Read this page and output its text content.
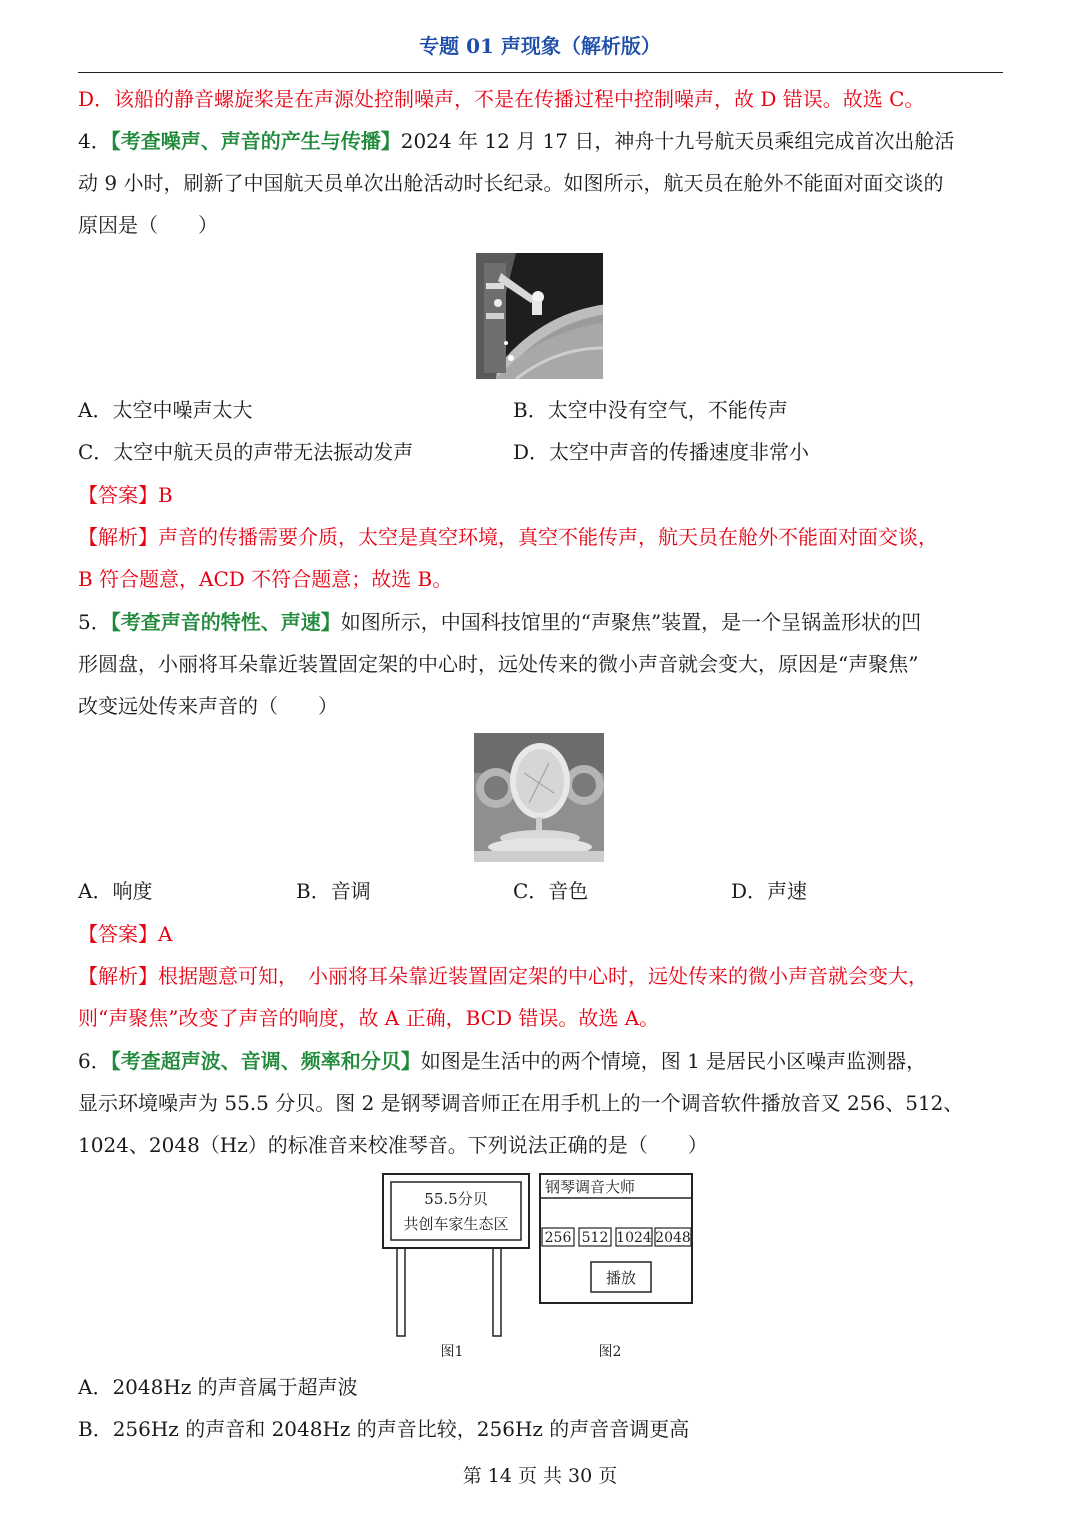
专题 01 声现象（解析版）
D．该船的静音螺旋桨是在声源处控制噪声，不是在传播过程中控制噪声，故 D 错误。故选 C。
4．【考查噪声、声音的产生与传播】2024 年 12 月 17 日，神舟十九号航天员乘组完成首次出舱活
动 9 小时，刷新了中国航天员单次出舱活动时长纪录。如图所示，航天员在舱外不能面对面交谈的
原因是（　　）
A．太空中噪声太大	B．太空中没有空气，不能传声
C．太空中航天员的声带无法振动发声	D．太空中声音的传播速度非常小
【答案】B
【解析】声音的传播需要介质，太空是真空环境，真空不能传声，航天员在舱外不能面对面交谈，
B 符合题意，ACD 不符合题意；故选 B。
5．【考查声音的特性、声速】如图所示，中国科技馆里的“声聚焦”装置，是一个呈锅盖形状的凹
形圆盘，小丽将耳朵靠近装置固定架的中心时，远处传来的微小声音就会变大，原因是“声聚焦”
改变远处传来声音的（　　）
A．响度	B．音调	C．音色	D．声速
【答案】A
【解析】根据题意可知，　小丽将耳朵靠近装置固定架的中心时，远处传来的微小声音就会变大，
则“声聚焦”改变了声音的响度，故 A 正确，BCD 错误。故选 A。
6．【考查超声波、音调、频率和分贝】如图是生活中的两个情境，图 1 是居民小区噪声监测器，
显示环境噪声为 55.5 分贝。图 2 是钢琴调音师正在用手机上的一个调音软件播放音叉 256、512、
1024、2048（Hz）的标准音来校准琴音。下列说法正确的是（　　）
55.5分贝
共创车家生态区
图1
钢琴调音大师
256 512 1024 2048
播放
图2
A．2048Hz 的声音属于超声波
B．256Hz 的声音和 2048Hz 的声音比较，256Hz 的声音音调更高
第 14 页 共 30 页
